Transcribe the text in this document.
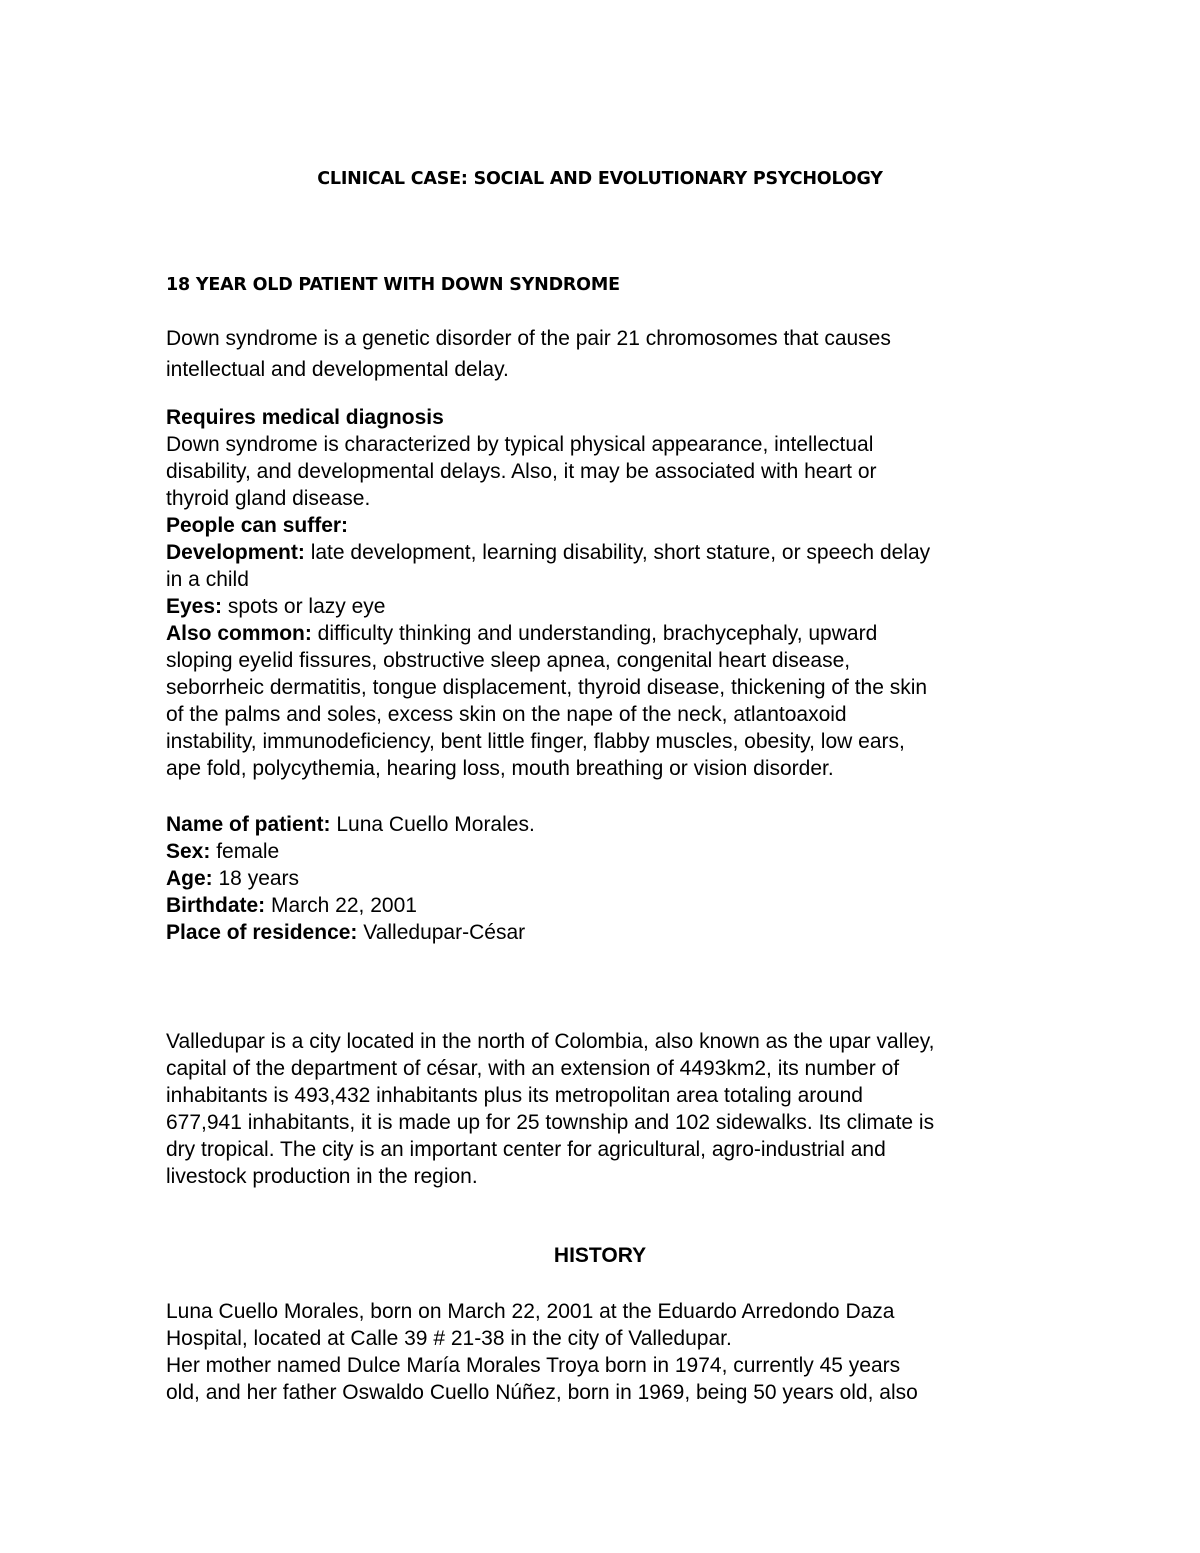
CLINICAL CASE: SOCIAL AND EVOLUTIONARY PSYCHOLOGY
18 YEAR OLD PATIENT WITH DOWN SYNDROME
Down syndrome is a genetic disorder of the pair 21 chromosomes that causes
intellectual and developmental delay.
Requires medical diagnosis
Down syndrome is characterized by typical physical appearance, intellectual
disability, and developmental delays. Also, it may be associated with heart or
thyroid gland disease.
People can suffer:
Development: late development, learning disability, short stature, or speech delay
in a child
Eyes: spots or lazy eye
Also common: difficulty thinking and understanding, brachycephaly, upward
sloping eyelid fissures, obstructive sleep apnea, congenital heart disease,
seborrheic dermatitis, tongue displacement, thyroid disease, thickening of the skin
of the palms and soles, excess skin on the nape of the neck, atlantoaxoid
instability, immunodeficiency, bent little finger, flabby muscles, obesity, low ears,
ape fold, polycythemia, hearing loss, mouth breathing or vision disorder.
Name of patient: Luna Cuello Morales.
Sex: female
Age: 18 years
Birthdate: March 22, 2001
Place of residence: Valledupar-César
Valledupar is a city located in the north of Colombia, also known as the upar valley,
capital of the department of césar, with an extension of 4493km2, its number of
inhabitants is 493,432 inhabitants plus its metropolitan area totaling around
677,941 inhabitants, it is made up for 25 township and 102 sidewalks. Its climate is
dry tropical. The city is an important center for agricultural, agro-industrial and
livestock production in the region.
HISTORY
Luna Cuello Morales, born on March 22, 2001 at the Eduardo Arredondo Daza
Hospital, located at Calle 39 # 21-38 in the city of Valledupar.
Her mother named Dulce María Morales Troya born in 1974, currently 45 years
old, and her father Oswaldo Cuello Núñez, born in 1969, being 50 years old, also
